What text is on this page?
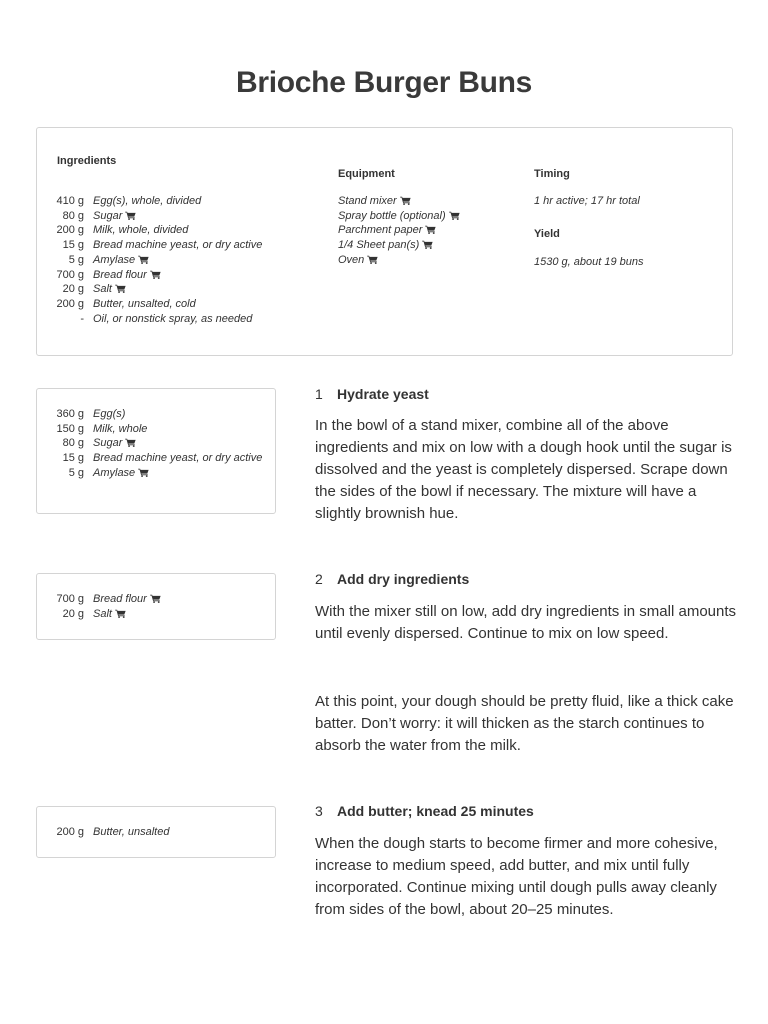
Brioche Burger Buns
Ingredients
410 g Egg(s), whole, divided
80 g Sugar
200 g Milk, whole, divided
15 g Bread machine yeast, or dry active
5 g Amylase
700 g Bread flour
20 g Salt
200 g Butter, unsalted, cold
- Oil, or nonstick spray, as needed
Equipment
Stand mixer
Spray bottle (optional)
Parchment paper
1/4 Sheet pan(s)
Oven
Timing
1 hr active; 17 hr total
Yield
1530 g, about 19 buns
360 g Egg(s)
150 g Milk, whole
80 g Sugar
15 g Bread machine yeast, or dry active
5 g Amylase
1 Hydrate yeast

In the bowl of a stand mixer, combine all of the above ingredients and mix on low with a dough hook until the sugar is dissolved and the yeast is completely dispersed. Scrape down the sides of the bowl if necessary. The mixture will have a slightly brownish hue.

700 g Bread flour
20 g Salt
2 Add dry ingredients

With the mixer still on low, add dry ingredients in small amounts until evenly dispersed. Continue to mix on low speed.

At this point, your dough should be pretty fluid, like a thick cake batter. Don’t worry: it will thicken as the starch continues to absorb the water from the milk.

200 g Butter, unsalted
3 Add butter; knead 25 minutes

When the dough starts to become firmer and more cohesive, increase to medium speed, add butter, and mix until fully incorporated. Continue mixing until dough pulls away cleanly from sides of the bowl, about 20–25 minutes.
